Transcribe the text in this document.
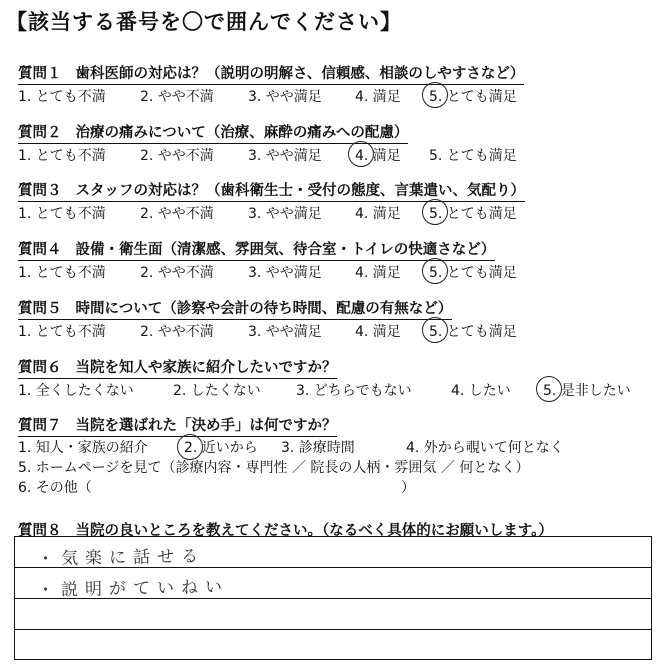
【該当する番号を〇で囲んでください】
質問１ 歯科医師の対応は？（説明の明解さ、信頼感、相談のしやすさなど）
1. とても不満 2. やや不満 3. やや満足 4. 満足 5. とても満足
質問２ 治療の痛みについて（治療、麻酔の痛みへの配慮）
1. とても不満 2. やや不満 3. やや満足 4. 満足 5. とても満足
質問３ スタッフの対応は？（歯科衛生士・受付の態度、言葉遣い、気配り）
1. とても不満 2. やや不満 3. やや満足 4. 満足 5. とても満足
質問４ 設備・衛生面（清潔感、雰囲気、待合室・トイレの快適さなど）
1. とても不満 2. やや不満 3. やや満足 4. 満足 5. とても満足
質問５ 時間について（診察や会計の待ち時間、配慮の有無など）
1. とても不満 2. やや不満 3. やや満足 4. 満足 5. とても満足
質問６ 当院を知人や家族に紹介したいですか？
1. 全くしたくない	2. したくない	3. どちらでもない	4. したい 5. 是非したい
質問７ 当院を選ばれた「決め手」は何ですか？
1. 知人・家族の紹介	2. 近いから 3. 診療時間	4. 外から覗いて何となく
5. ホームページを見て（診療内容・専門性 ／ 院長の人柄・雰囲気 ／ 何となく）
6. その他（	）
質問８ 当院の良いところを教えてください。（なるべく具体的にお願いします。）
・気楽に話せる
・説明がていねい
